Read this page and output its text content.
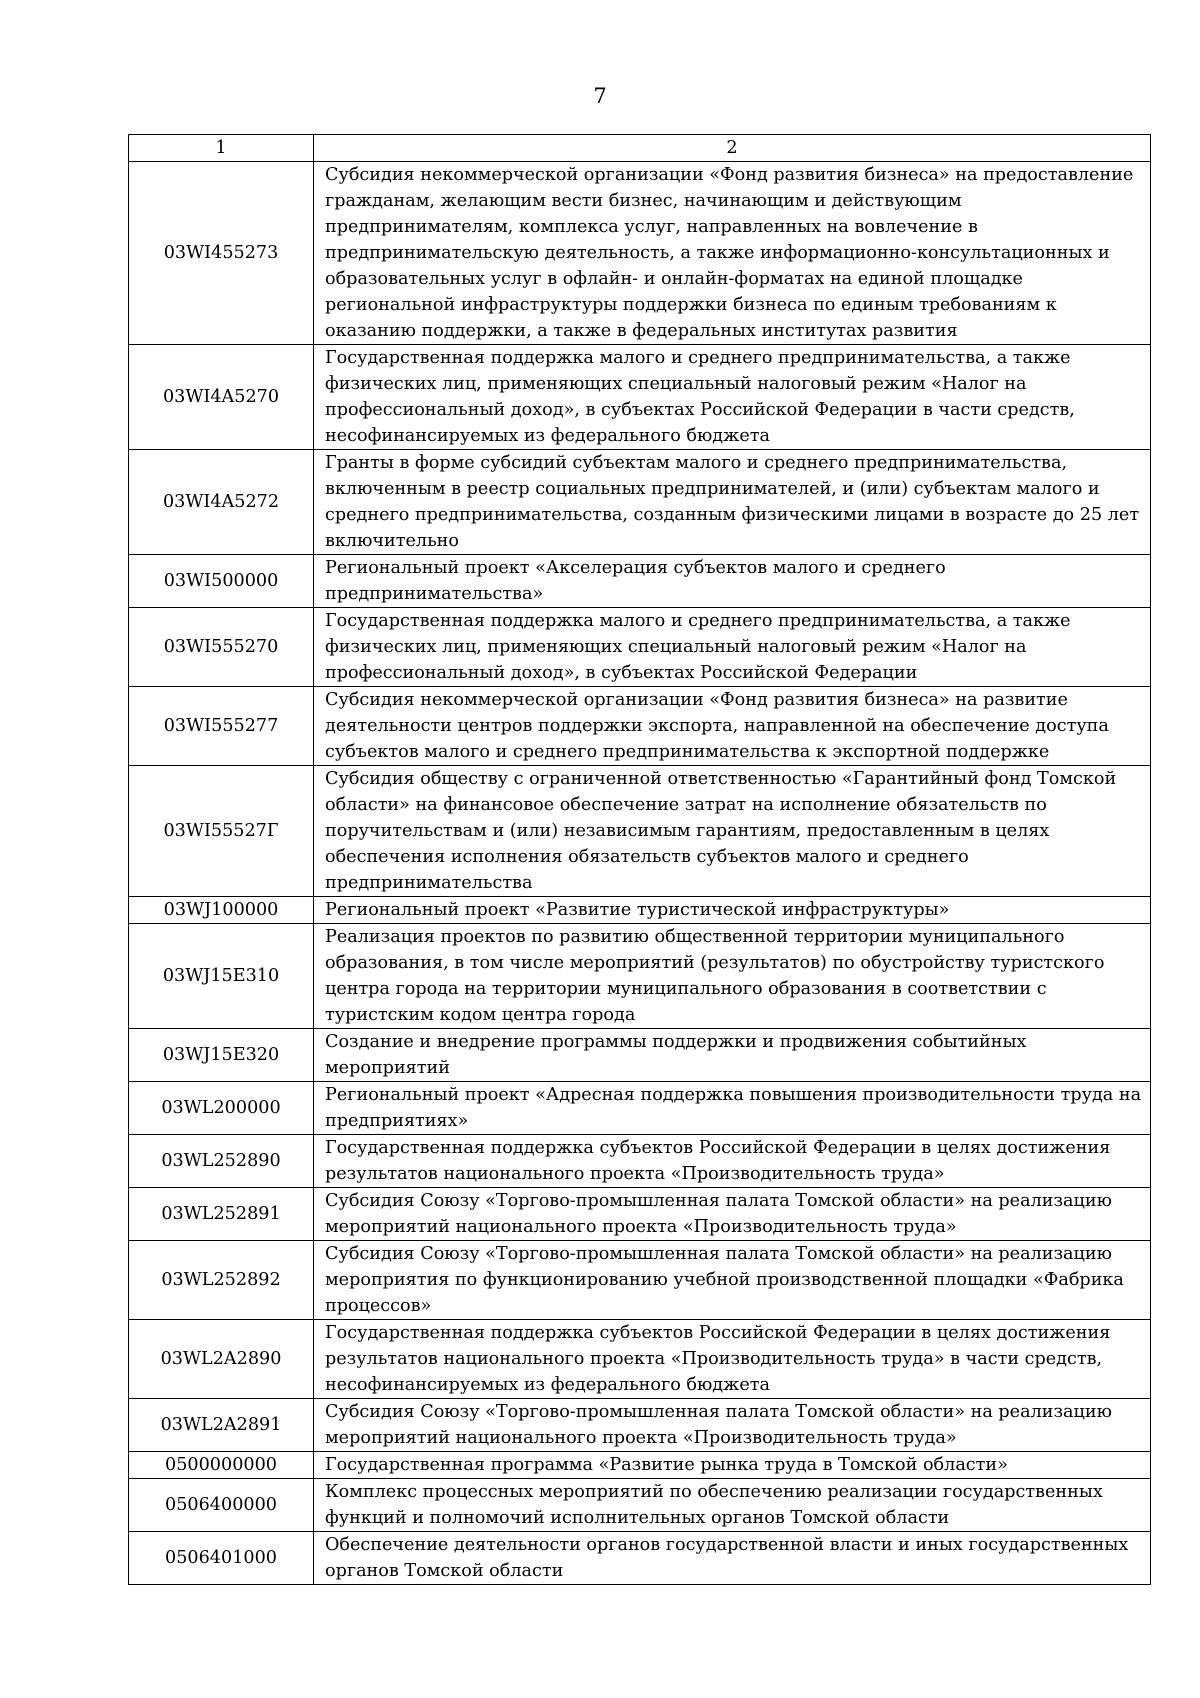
7
1	2
03WI455273	Субсидия некоммерческой организации «Фонд развития бизнеса» на предоставление гражданам, желающим вести бизнес, начинающим и действующим предпринимателям, комплекса услуг, направленных на вовлечение в предпринимательскую деятельность, а также информационно-консультационных и образовательных услуг в офлайн- и онлайн-форматах на единой площадке региональной инфраструктуры поддержки бизнеса по единым требованиям к оказанию поддержки, а также в федеральных институтах развития
03WI4A5270	Государственная поддержка малого и среднего предпринимательства, а также физических лиц, применяющих специальный налоговый режим «Налог на профессиональный доход», в субъектах Российской Федерации в части средств, несофинансируемых из федерального бюджета
03WI4A5272	Гранты в форме субсидий субъектам малого и среднего предпринимательства, включенным в реестр социальных предпринимателей, и (или) субъектам малого и среднего предпринимательства, созданным физическими лицами в возрасте до 25 лет включительно
03WI500000	Региональный проект «Акселерация субъектов малого и среднего предпринимательства»
03WI555270	Государственная поддержка малого и среднего предпринимательства, а также физических лиц, применяющих специальный налоговый режим «Налог на профессиональный доход», в субъектах Российской Федерации
03WI555277	Субсидия некоммерческой организации «Фонд развития бизнеса» на развитие деятельности центров поддержки экспорта, направленной на обеспечение доступа субъектов малого и среднего предпринимательства к экспортной поддержке
03WI55527Г	Субсидия обществу с ограниченной ответственностью «Гарантийный фонд Томской области» на финансовое обеспечение затрат на исполнение обязательств по поручительствам и (или) независимым гарантиям, предоставленным в целях обеспечения исполнения обязательств субъектов малого и среднего предпринимательства
03WJ100000	Региональный проект «Развитие туристической инфраструктуры»
03WJ15E310	Реализация проектов по развитию общественной территории муниципального образования, в том числе мероприятий (результатов) по обустройству туристского центра города на территории муниципального образования в соответствии с туристским кодом центра города
03WJ15E320	Создание и внедрение программы поддержки и продвижения событийных мероприятий
03WL200000	Региональный проект «Адресная поддержка повышения производительности труда на предприятиях»
03WL252890	Государственная поддержка субъектов Российской Федерации в целях достижения результатов национального проекта «Производительность труда»
03WL252891	Субсидия Союзу «Торгово-промышленная палата Томской области» на реализацию мероприятий национального проекта «Производительность труда»
03WL252892	Субсидия Союзу «Торгово-промышленная палата Томской области» на реализацию мероприятия по функционированию учебной производственной площадки «Фабрика процессов»
03WL2A2890	Государственная поддержка субъектов Российской Федерации в целях достижения результатов национального проекта «Производительность труда» в части средств, несофинансируемых из федерального бюджета
03WL2A2891	Субсидия Союзу «Торгово-промышленная палата Томской области» на реализацию мероприятий национального проекта «Производительность труда»
0500000000	Государственная программа «Развитие рынка труда в Томской области»
0506400000	Комплекс процессных мероприятий по обеспечению реализации государственных функций и полномочий исполнительных органов Томской области
0506401000	Обеспечение деятельности органов государственной власти и иных государственных органов Томской области
